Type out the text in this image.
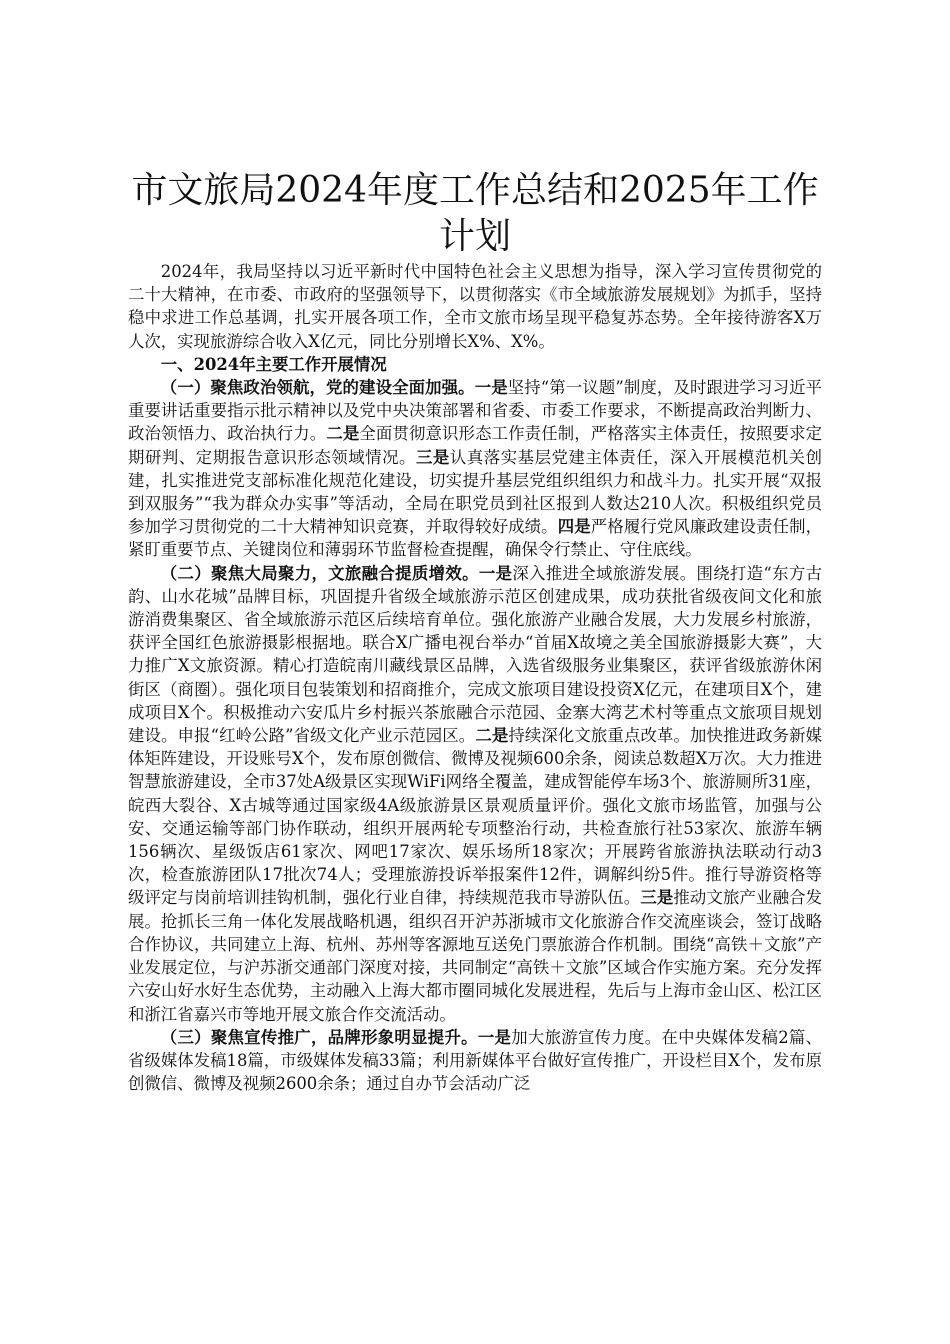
市文旅局2024年度工作总结和2025年工作计划

2024年，我局坚持以习近平新时代中国特色社会主义思想为指导，深入学习宣传贯彻党的二十大精神，在市委、市政府的坚强领导下，以贯彻落实《市全域旅游发展规划》为抓手，坚持稳中求进工作总基调，扎实开展各项工作，全市文旅市场呈现平稳复苏态势。全年接待游客X万人次，实现旅游综合收入X亿元，同比分别增长X%、X%。

一、2024年主要工作开展情况

（一）聚焦政治领航，党的建设全面加强。一是坚持“第一议题”制度，及时跟进学习习近平重要讲话重要指示批示精神以及党中央决策部署和省委、市委工作要求，不断提高政治判断力、政治领悟力、政治执行力。二是全面贯彻意识形态工作责任制，严格落实主体责任，按照要求定期研判、定期报告意识形态领域情况。三是认真落实基层党建主体责任，深入开展模范机关创建，扎实推进党支部标准化规范化建设，切实提升基层党组织组织力和战斗力。扎实开展“双报到双服务”“我为群众办实事”等活动，全局在职党员到社区报到人数达210人次。积极组织党员参加学习贯彻党的二十大精神知识竞赛，并取得较好成绩。四是严格履行党风廉政建设责任制，紧盯重要节点、关键岗位和薄弱环节监督检查提醒，确保令行禁止、守住底线。

（二）聚焦大局聚力，文旅融合提质增效。一是深入推进全域旅游发展。围绕打造“东方古韵、山水花城”品牌目标，巩固提升省级全域旅游示范区创建成果，成功获批省级夜间文化和旅游消费集聚区、省全域旅游示范区后续培育单位。强化旅游产业融合发展，大力发展乡村旅游，获评全国红色旅游摄影根据地。联合X广播电视台举办“首届X故境之美全国旅游摄影大赛”，大力推广X文旅资源。精心打造皖南川藏线景区品牌，入选省级服务业集聚区，获评省级旅游休闲街区（商圈）。强化项目包装策划和招商推介，完成文旅项目建设投资X亿元，在建项目X个，建成项目X个。积极推动六安瓜片乡村振兴茶旅融合示范园、金寨大湾艺术村等重点文旅项目规划建设。申报“红岭公路”省级文化产业示范园区。二是持续深化文旅重点改革。加快推进政务新媒体矩阵建设，开设账号X个，发布原创微信、微博及视频600余条，阅读总数超X万次。大力推进智慧旅游建设，全市37处A级景区实现WiFi网络全覆盖，建成智能停车场3个、旅游厕所31座，皖西大裂谷、X古城等通过国家级4A级旅游景区景观质量评价。强化文旅市场监管，加强与公安、交通运输等部门协作联动，组织开展两轮专项整治行动，共检查旅行社53家次、旅游车辆156辆次、星级饭店61家次、网吧17家次、娱乐场所18家次；开展跨省旅游执法联动行动3次，检查旅游团队17批次74人；受理旅游投诉举报案件12件，调解纠纷5件。推行导游资格等级评定与岗前培训挂钩机制，强化行业自律，持续规范我市导游队伍。三是推动文旅产业融合发展。抢抓长三角一体化发展战略机遇，组织召开沪苏浙城市文化旅游合作交流座谈会，签订战略合作协议，共同建立上海、杭州、苏州等客源地互送免门票旅游合作机制。围绕“高铁＋文旅”产业发展定位，与沪苏浙交通部门深度对接，共同制定“高铁＋文旅”区域合作实施方案。充分发挥六安山好水好生态优势，主动融入上海大都市圈同城化发展进程，先后与上海市金山区、松江区和浙江省嘉兴市等地开展文旅合作交流活动。

（三）聚焦宣传推广，品牌形象明显提升。一是加大旅游宣传力度。在中央媒体发稿2篇、省级媒体发稿18篇，市级媒体发稿33篇；利用新媒体平台做好宣传推广，开设栏目X个，发布原创微信、微博及视频2600余条；通过自办节会活动广泛
